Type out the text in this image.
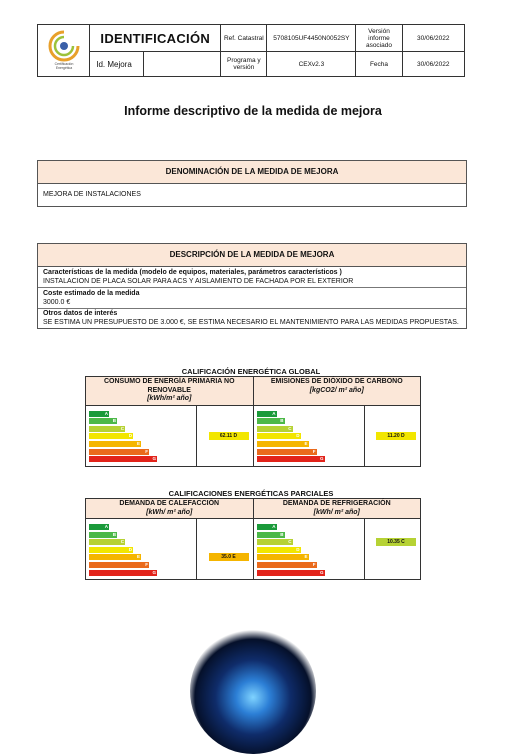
Certificación
Energética	IDENTIFICACIÓN		Ref. Catastral	5708105UF4450N0052SY	Versión informe asociado	30/06/2022
	Id. Mejora		Programa y versión	CEXv2.3	Fecha	30/06/2022
Informe descriptivo de la medida de mejora
DENOMINACIÓN DE LA MEDIDA DE MEJORA
MEJORA DE INSTALACIONES
DESCRIPCIÓN DE LA MEDIDA DE MEJORA
Características de la medida (modelo de equipos, materiales, parámetros característicos )
INSTALACION DE PLACA SOLAR PARA ACS Y AISLAMIENTO DE FACHADA POR EL EXTERIOR
Coste estimado de la medida
3000.0 €
Otros datos de interés
SE ESTIMA UN PRESUPUESTO DE 3.000 €, SE ESTIMA NECESARIO EL MANTENIMIENTO PARA LAS MEDIDAS PROPUESTAS.
CALIFICACIÓN ENERGÉTICA GLOBAL
CONSUMO DE ENERGÍA PRIMARIA NO RENOVABLE
[kWh/m² año]
EMISIONES DE DIÓXIDO DE CARBONO
[kgCO2/ m² año]
A
B
C
D
E
F
G
62.11 D
A
B
C
D
E
F
G
11.20 D
CALIFICACIONES ENERGÉTICAS PARCIALES
DEMANDA DE CALEFACCIÓN
[kWh/ m² año]
DEMANDA DE REFRIGERACIÓN
[kWh/ m² año]
A
B
C
D
E
F
G
35.0 E
A
B
C
D
E
F
G
10.35 C
